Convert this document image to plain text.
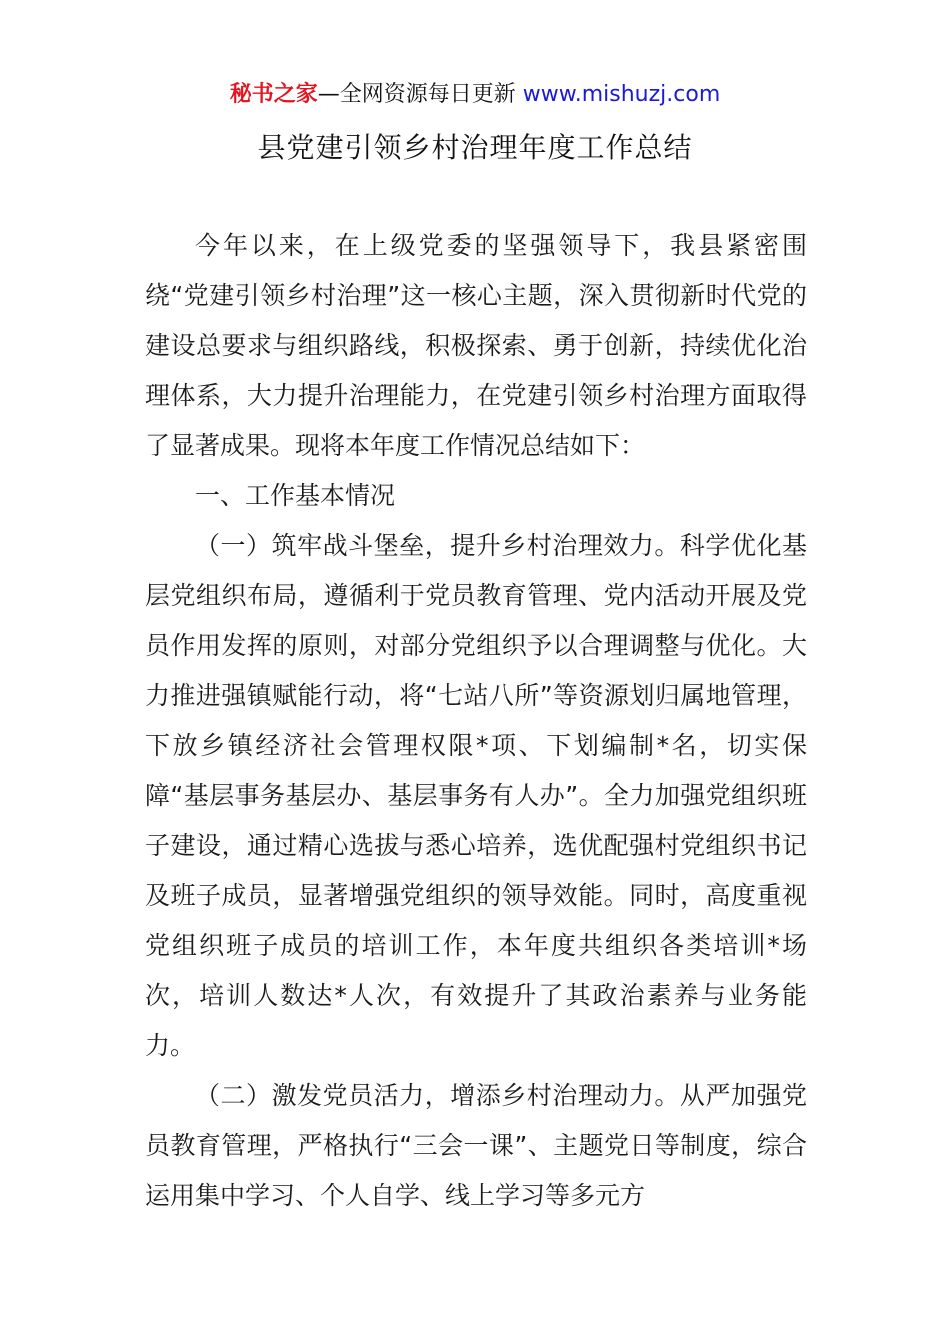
秘书之家—全网资源每日更新 www.mishuzj.com
县党建引领乡村治理年度工作总结

今年以来，在上级党委的坚强领导下，我县紧密围绕“党建引领乡村治理”这一核心主题，深入贯彻新时代党的建设总要求与组织路线，积极探索、勇于创新，持续优化治理体系，大力提升治理能力，在党建引领乡村治理方面取得了显著成果。现将本年度工作情况总结如下：

一、工作基本情况

（一）筑牢战斗堡垒，提升乡村治理效力。科学优化基层党组织布局，遵循利于党员教育管理、党内活动开展及党员作用发挥的原则，对部分党组织予以合理调整与优化。大力推进强镇赋能行动，将“七站八所”等资源划归属地管理，下放乡镇经济社会管理权限*项、下划编制*名，切实保障“基层事务基层办、基层事务有人办”。全力加强党组织班子建设，通过精心选拔与悉心培养，选优配强村党组织书记及班子成员，显著增强党组织的领导效能。同时，高度重视党组织班子成员的培训工作，本年度共组织各类培训*场次，培训人数达*人次，有效提升了其政治素养与业务能力。

（二）激发党员活力，增添乡村治理动力。从严加强党员教育管理，严格执行“三会一课”、主题党日等制度，综合运用集中学习、个人自学、线上学习等多元方
